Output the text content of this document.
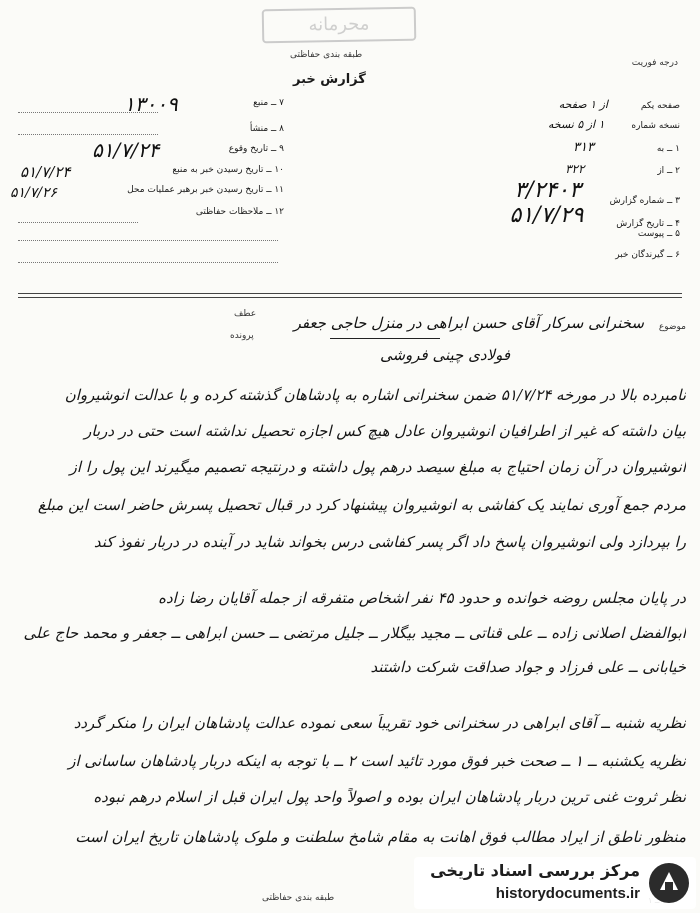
محرمانه
طبقه بندی حفاظتی
گزارش خبر
درجه فوریت
صفحه یکم از ۱ صفحه
نسخه شماره ۱ از ۵ نسخه
۱ ــ به ۳۱۳
۲ ــ از ۳۲۲
۳ ــ شماره گزارش ۳/۲۴۰۳
۴ ــ تاریخ گزارش ۵۱/۷/۲۹
۵ ــ پیوست
۶ ــ گیرندگان خبر
۷ ــ منبع
۱۳۰۰۹
۸ ــ منشأ
۹ ــ تاریخ وقوع
۵۱/۷/۲۴
۱۰ ــ تاریخ رسیدن خبر به منبع
۵۱/۷/۲۴
۱۱ ــ تاریخ رسیدن خبر برهبر عملیات محل
۵۱/۷/۲۶
۱۲ ــ ملاحظات حفاظتی
عطف
پرونده
موضوع
سخنرانی سرکار آقای حسن ابراهی در منزل حاجی جعفر
فولادی چینی فروشی
نامبرده بالا در مورخه ۵۱/۷/۲۴ ضمن سخنرانی اشاره به پادشاهان گذشته کرده و با عدالت انوشیروان
بیان داشته که غیر از اطرافیان انوشیروان عادل هیچ کس اجازه تحصیل نداشته است حتی در دربار
انوشیروان در آن زمان احتیاج به مبلغ سیصد درهم پول داشته و درنتیجه تصمیم میگیرند این پول را از
مردم جمع آوری نمایند یک کفاشی به انوشیروان پیشنهاد کرد در قبال تحصیل پسرش حاضر است این مبلغ
را بپردازد ولی انوشیروان پاسخ داد اگر پسر کفاشی درس بخواند شاید در آینده در دربار نفوذ کند
در پایان مجلس روضه خوانده و حدود ۴۵ نفر اشخاص متفرقه از جمله آقایان رضا زاده
ابوالفضل اصلانی زاده ــ علی قناتی ــ مجید بیگلار ــ جلیل مرتضی ــ حسن ابراهی ــ جعفر و محمد حاج علی
خیابانی ــ علی فرزاد و جواد صداقت شرکت داشتند
نظریه شنبه ــ آقای ابراهی در سخنرانی خود تقریباً سعی نموده عدالت پادشاهان ایران را منکر گردد
نظریه یکشنبه ــ ۱ ــ صحت خبر فوق مورد تائید است ۲ ــ با توجه به اینکه دربار پادشاهان ساسانی از
نظر ثروت غنی ترین دربار پادشاهان ایران بوده و اصولاً واحد پول ایران قبل از اسلام درهم نبوده
منظور ناطق از ایراد مطالب فوق اهانت به مقام شامخ سلطنت و ملوک پادشاهان تاریخ ایران است
طبقه بندی حفاظتی
مرکز بررسی اسناد تاریخی
historydocuments.ir
